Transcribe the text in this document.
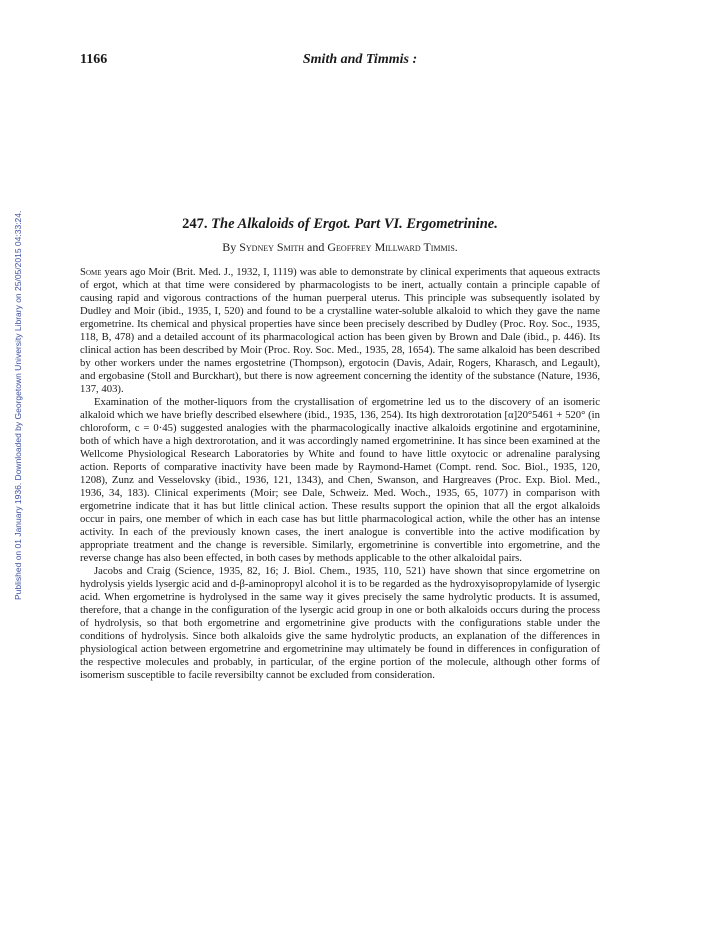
Published on 01 January 1936. Downloaded by Georgetown University Library on 25/05/2015 04:33:24.
1166	Smith and Timmis :
247. The Alkaloids of Ergot. Part VI. Ergometrinine.
By Sydney Smith and Geoffrey Millward Timmis.

Some years ago Moir (Brit. Med. J., 1932, I, 1119) was able to demonstrate by clinical experiments that aqueous extracts of ergot, which at that time were considered by pharmacologists to be inert, actually contain a principle capable of causing rapid and vigorous contractions of the human puerperal uterus. This principle was subsequently isolated by Dudley and Moir (ibid., 1935, I, 520) and found to be a crystalline water-soluble alkaloid to which they gave the name ergometrine. Its chemical and physical properties have since been precisely described by Dudley (Proc. Roy. Soc., 1935, 118, B, 478) and a detailed account of its pharmacological action has been given by Brown and Dale (ibid., p. 446). Its clinical action has been described by Moir (Proc. Roy. Soc. Med., 1935, 28, 1654). The same alkaloid has been described by other workers under the names ergostetrine (Thompson), ergotocin (Davis, Adair, Rogers, Kharasch, and Legault), and ergobasine (Stoll and Burckhart), but there is now agreement concerning the identity of the substance (Nature, 1936, 137, 403).

Examination of the mother-liquors from the crystallisation of ergometrine led us to the discovery of an isomeric alkaloid which we have briefly described elsewhere (ibid., 1935, 136, 254). Its high dextrorotation [α]20°5461 + 520° (in chloroform, c = 0·45) suggested analogies with the pharmacologically inactive alkaloids ergotinine and ergotaminine, both of which have a high dextrorotation, and it was accordingly named ergometrinine. It has since been examined at the Wellcome Physiological Research Laboratories by White and found to have little oxytocic or adrenaline paralysing action. Reports of comparative inactivity have been made by Raymond-Hamet (Compt. rend. Soc. Biol., 1935, 120, 1208), Zunz and Vesselovsky (ibid., 1936, 121, 1343), and Chen, Swanson, and Hargreaves (Proc. Exp. Biol. Med., 1936, 34, 183). Clinical experiments (Moir; see Dale, Schweiz. Med. Woch., 1935, 65, 1077) in comparison with ergometrine indicate that it has but little clinical action. These results support the opinion that all the ergot alkaloids occur in pairs, one member of which in each case has but little pharmacological action, while the other has an intense activity. In each of the previously known cases, the inert analogue is convertible into the active modification by appropriate treatment and the change is reversible. Similarly, ergometrinine is convertible into ergometrine, and the reverse change has also been effected, in both cases by methods applicable to the other alkaloidal pairs.

Jacobs and Craig (Science, 1935, 82, 16; J. Biol. Chem., 1935, 110, 521) have shown that since ergometrine on hydrolysis yields lysergic acid and d-β-aminopropyl alcohol it is to be regarded as the hydroxyisopropylamide of lysergic acid. When ergometrine is hydrolysed in the same way it gives precisely the same hydrolytic products. It is assumed, therefore, that a change in the configuration of the lysergic acid group in one or both alkaloids occurs during the process of hydrolysis, so that both ergometrine and ergometrinine give products with the configurations stable under the conditions of hydrolysis. Since both alkaloids give the same hydrolytic products, an explanation of the differences in physiological action between ergometrine and ergometrinine may ultimately be found in differences in configuration of the respective molecules and probably, in particular, of the ergine portion of the molecule, although other forms of isomerism susceptible to facile reversibilty cannot be excluded from consideration.
